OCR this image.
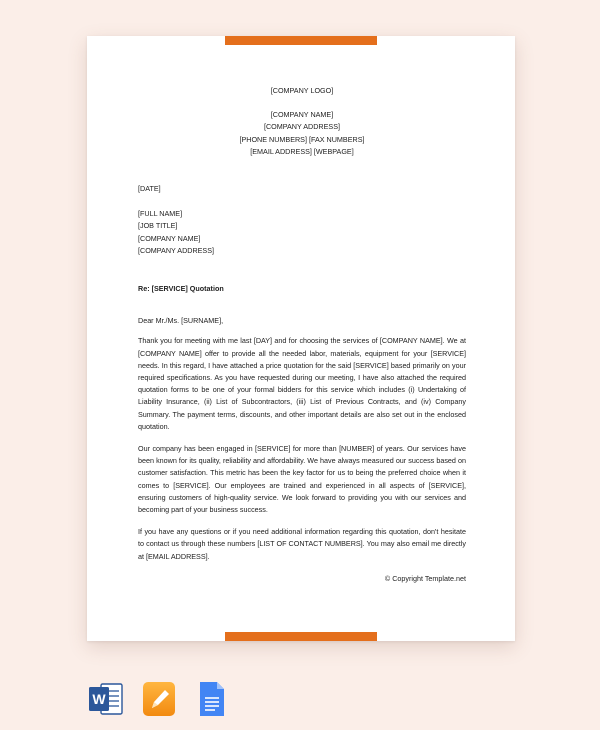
[COMPANY LOGO]
[COMPANY NAME]
[COMPANY ADDRESS]
[PHONE NUMBERS] [FAX NUMBERS]
[EMAIL ADDRESS] [WEBPAGE]
[DATE]
[FULL NAME]
[JOB TITLE]
[COMPANY NAME]
[COMPANY ADDRESS]
Re: [SERVICE] Quotation
Dear Mr./Ms. [SURNAME],

Thank you for meeting with me last [DAY] and for choosing the services of [COMPANY NAME]. We at [COMPANY NAME] offer to provide all the needed labor, materials, equipment for your [SERVICE] needs. In this regard, I have attached a price quotation for the said [SERVICE] based primarily on your required specifications. As you have requested during our meeting, I have also attached the required quotation forms to be one of your formal bidders for this service which includes (i) Undertaking of Liability Insurance, (ii) List of Subcontractors, (iii) List of Previous Contracts, and (iv) Company Summary. The payment terms, discounts, and other important details are also set out in the enclosed quotation.

Our company has been engaged in [SERVICE] for more than [NUMBER] of years. Our services have been known for its quality, reliability and affordability. We have always measured our success based on customer satisfaction. This metric has been the key factor for us to being the preferred choice when it comes to [SERVICE]. Our employees are trained and experienced in all aspects of [SERVICE], ensuring customers of high-quality service. We look forward to providing you with our services and becoming part of your business success.

If you have any questions or if you need additional information regarding this quotation, don't hesitate to contact us through these numbers [LIST OF CONTACT NUMBERS]. You may also email me directly at [EMAIL ADDRESS].

© Copyright Template.net
W
